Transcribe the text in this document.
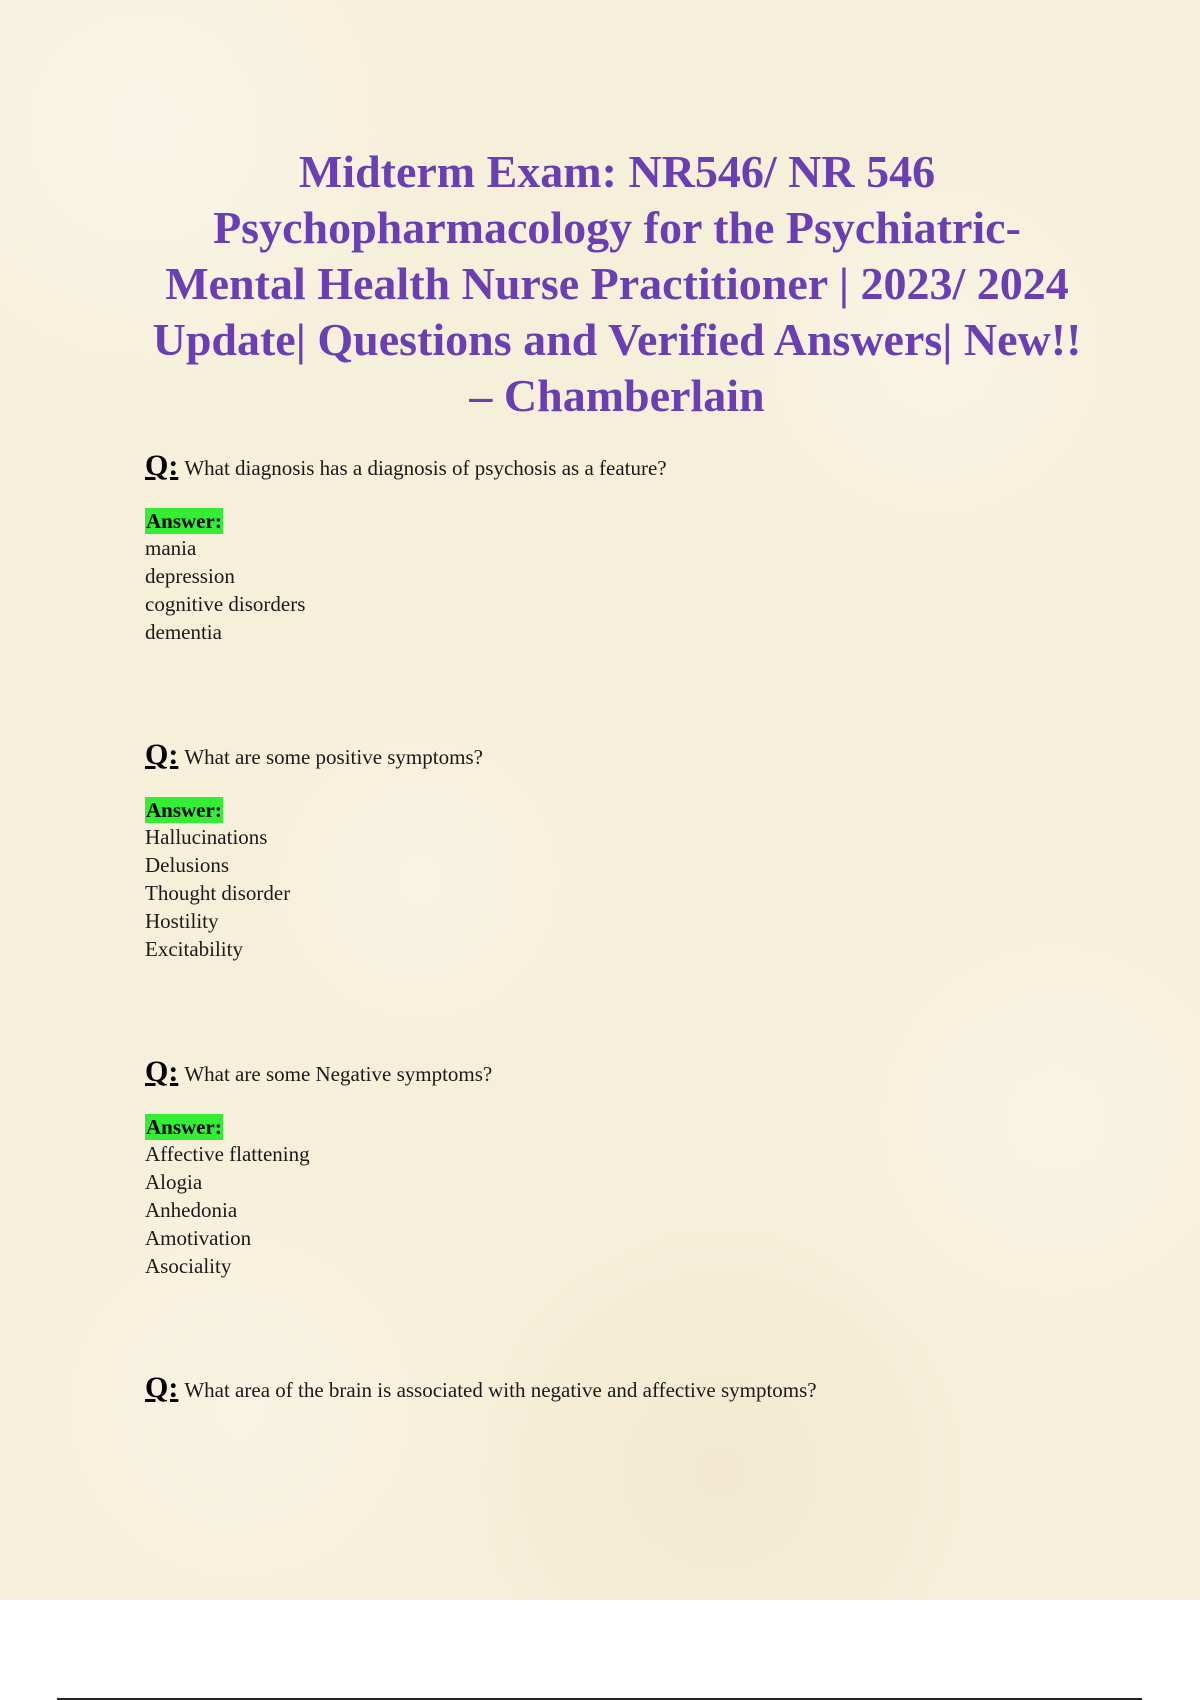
Midterm Exam: NR546/ NR 546 Psychopharmacology for the Psychiatric-Mental Health Nurse Practitioner | 2023/ 2024 Update| Questions and Verified Answers| New!! – Chamberlain
Q: What diagnosis has a diagnosis of psychosis as a feature?
Answer:
mania
depression
cognitive disorders
dementia
Q: What are some positive symptoms?
Answer:
Hallucinations
Delusions
Thought disorder
Hostility
Excitability
Q: What are some Negative symptoms?
Answer:
Affective flattening
Alogia
Anhedonia
Amotivation
Asociality
Q: What area of the brain is associated with negative and affective symptoms?
